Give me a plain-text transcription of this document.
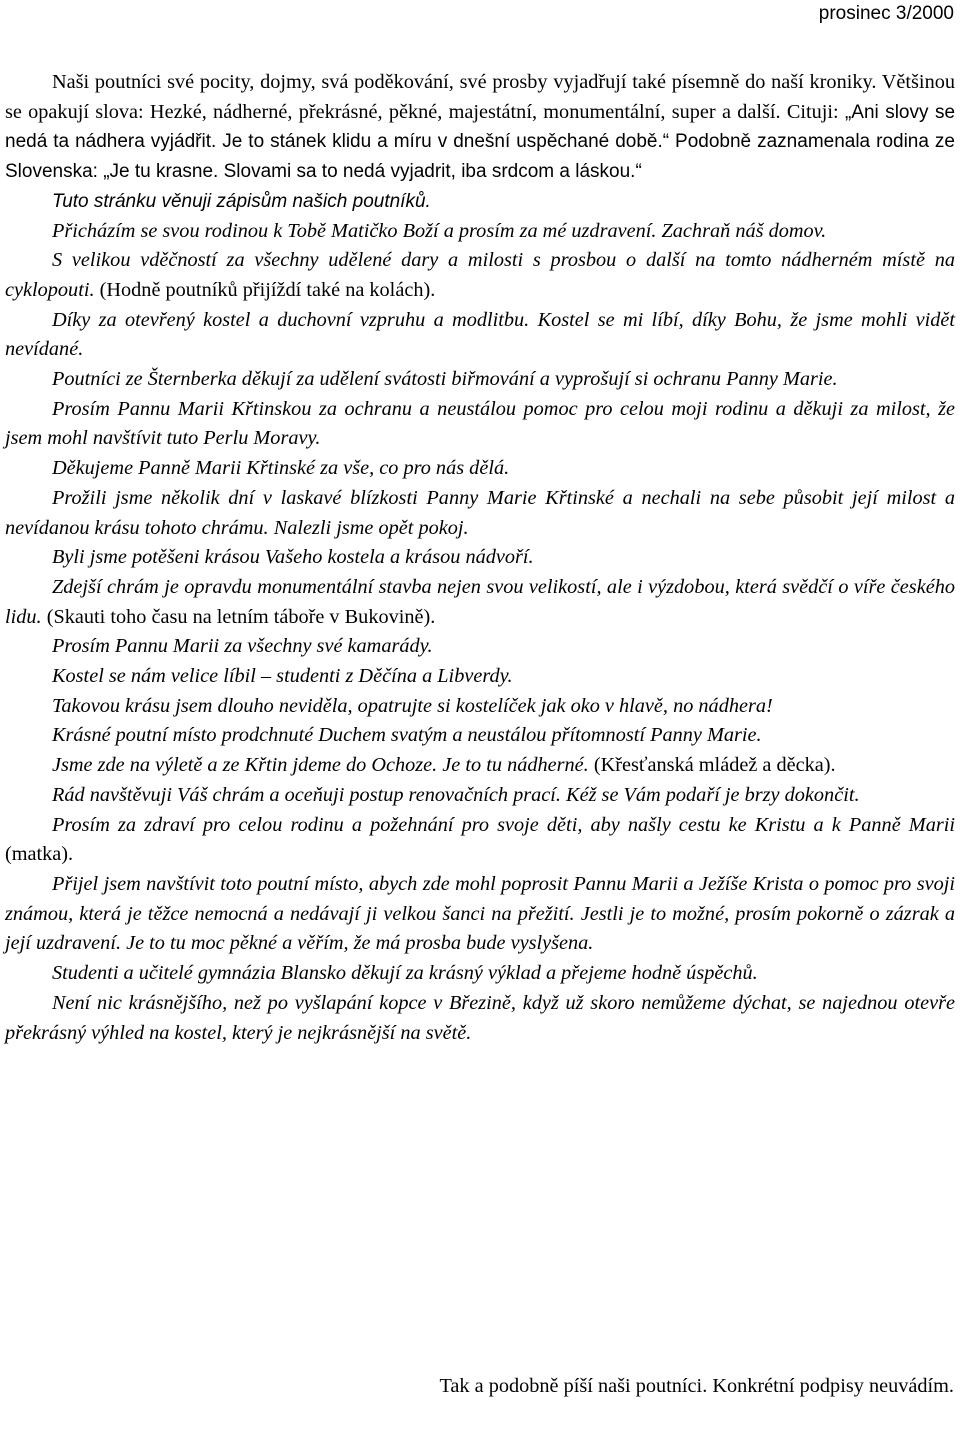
prosinec 3/2000

Naši poutníci své pocity, dojmy, svá poděkování, své prosby vyjadřují také písemně do naší kroniky. Většinou se opakují slova: Hezké, nádherné, překrásné, pěkné, majestátní, monumentální, super a další. Cituji: „Ani slovy se nedá ta nádhera vyjádřit. Je to stánek klidu a míru v dnešní uspěchané době.“ Podobně zaznamenala rodina ze Slovenska: „Je tu krasne. Slovami sa to nedá vyjadrit, iba srdcom a láskou.“

Tuto stránku věnuji zápisům našich poutníků.

Přicházím se svou rodinou k Tobě Matičko Boží a prosím za mé uzdravení. Zachraň náš domov.

S velikou vděčností za všechny udělené dary a milosti s prosbou o další na tomto nádherném místě na cyklopouti. (Hodně poutníků přijíždí také na kolách).

Díky za otevřený kostel a duchovní vzpruhu a modlitbu. Kostel se mi líbí, díky Bohu, že jsme mohli vidět nevídané.

Poutníci ze Šternberka děkují za udělení svátosti biřmování a vyprošují si ochranu Panny Marie.

Prosím Pannu Marii Křtinskou za ochranu a neustálou pomoc pro celou moji rodinu a děkuji za milost, že jsem mohl navštívit tuto Perlu Moravy.

Děkujeme Panně Marii Křtinské za vše, co pro nás dělá.

Prožili jsme několik dní v laskavé blízkosti Panny Marie Křtinské a nechali na sebe působit její milost a nevídanou krásu tohoto chrámu. Nalezli jsme opět pokoj.

Byli jsme potěšeni krásou Vašeho kostela a krásou nádvoří.

Zdejší chrám je opravdu monumentální stavba nejen svou velikostí, ale i výzdobou, která svědčí o víře českého lidu. (Skauti toho času na letním táboře v Bukovině).

Prosím Pannu Marii za všechny své kamarády.

Kostel se nám velice líbil – studenti z Děčína a Libverdy.

Takovou krásu jsem dlouho neviděla, opatrujte si kostelíček jak oko v hlavě, no nádhera!

Krásné poutní místo prodchnuté Duchem svatým a neustálou přítomností Panny Marie.

Jsme zde na výletě a ze Křtin jdeme do Ochoze. Je to tu nádherné. (Křesťanská mládež a děcka).

Rád navštěvuji Váš chrám a oceňuji postup renovačních prací. Kéž se Vám podaří je brzy dokončit.

Prosím za zdraví pro celou rodinu a požehnání pro svoje děti, aby našly cestu ke Kristu a k Panně Marii (matka).

Přijel jsem navštívit toto poutní místo, abych zde mohl poprosit Pannu Marii a Ježíše Krista o pomoc pro svoji známou, která je těžce nemocná a nedávají ji velkou šanci na přežití. Jestli je to možné, prosím pokorně o zázrak a její uzdravení. Je to tu moc pěkné a věřím, že má prosba bude vyslyšena.

Studenti a učitelé gymnázia Blansko děkují za krásný výklad a přejeme hodně úspěchů.

Není nic krásnějšího, než po vyšlapání kopce v Březině, když už skoro nemůžeme dýchat, se najednou otevře překrásný výhled na kostel, který je nejkrásnější na světě.

Tak a podobně píší naši poutníci. Konkrétní podpisy neuvádím.
